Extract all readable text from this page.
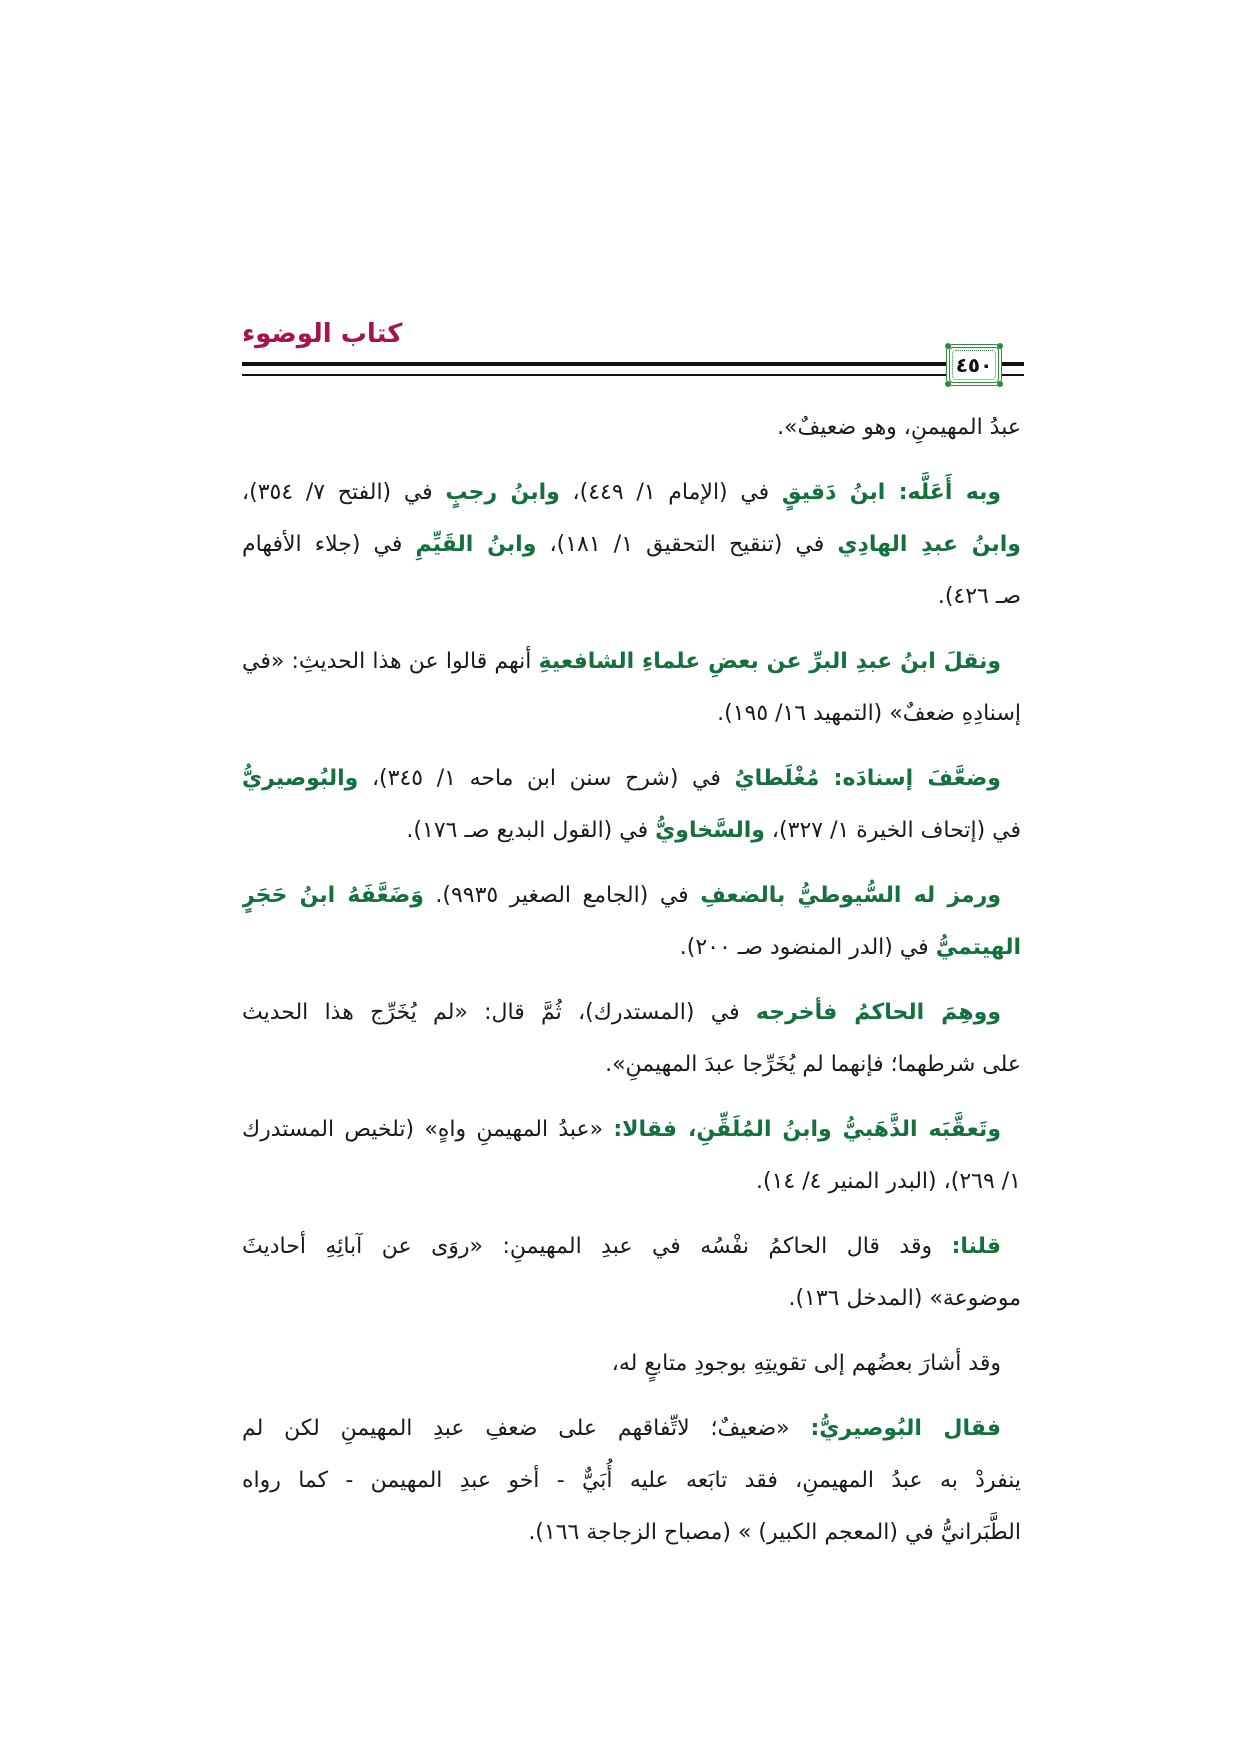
كتاب الوضوء
٤٥٠
عبدُ المهيمنِ، وهو ضعيفٌ».
وبه أَعَلَّه: ابنُ دَقيقٍ في (الإمام ١/ ٤٤٩)، وابنُ رجبٍ في (الفتح ٧/ ٣٥٤)،
وابنُ عبدِ الهادِي في (تنقيح التحقيق ١/ ١٨١)، وابنُ القَيِّمِ في (جلاء الأفهام
صـ ٤٢٦).
ونقلَ ابنُ عبدِ البرِّ عن بعضِ علماءِ الشافعيةِ أنهم قالوا عن هذا الحديثِ: «في
إسنادِهِ ضعفٌ» (التمهيد ١٦/ ١٩٥).
وضعَّفَ إسنادَه: مُغْلَطايُ في (شرح سنن ابن ماحه ١/ ٣٤٥)، والبُوصيريُّ
في (إتحاف الخيرة ١/ ٣٢٧)، والسَّخاويُّ في (القول البديع صـ ١٧٦).
ورمز له السُّيوطيُّ بالضعفِ في (الجامع الصغير ٩٩٣٥). وَضَعَّفَهُ ابنُ حَجَرٍ
الهيتميُّ في (الدر المنضود صـ ٢٠٠).
ووهِمَ الحاكمُ فأخرجه في (المستدرك)، ثُمَّ قال: «لم يُخَرِّج هذا الحديث
على شرطهما؛ فإنهما لم يُخَرِّجا عبدَ المهيمنِ».
وتَعقَّبَه الذَّهَبيُّ وابنُ المُلَقِّنِ، فقالا: «عبدُ المهيمنِ واهٍ» (تلخيص المستدرك
١/ ٢٦٩)، (البدر المنير ٤/ ١٤).
قلنا: وقد قال الحاكمُ نفْسُه في عبدِ المهيمنِ: «روَى عن آبائِهِ أحاديثَ
موضوعة» (المدخل ١٣٦).
وقد أشارَ بعضُهم إلى تقويتِهِ بوجودِ متابعٍ له،
فقال البُوصيريُّ: «ضعيفٌ؛ لاتِّفاقهم على ضعفِ عبدِ المهيمنِ لكن لم
ينفردْ به عبدُ المهيمنِ، فقد تابَعه عليه أُبَيٌّ - أخو عبدِ المهيمن - كما رواه
الطَّبَرانيُّ في (المعجم الكبير) » (مصباح الزجاجة ١٦٦).
